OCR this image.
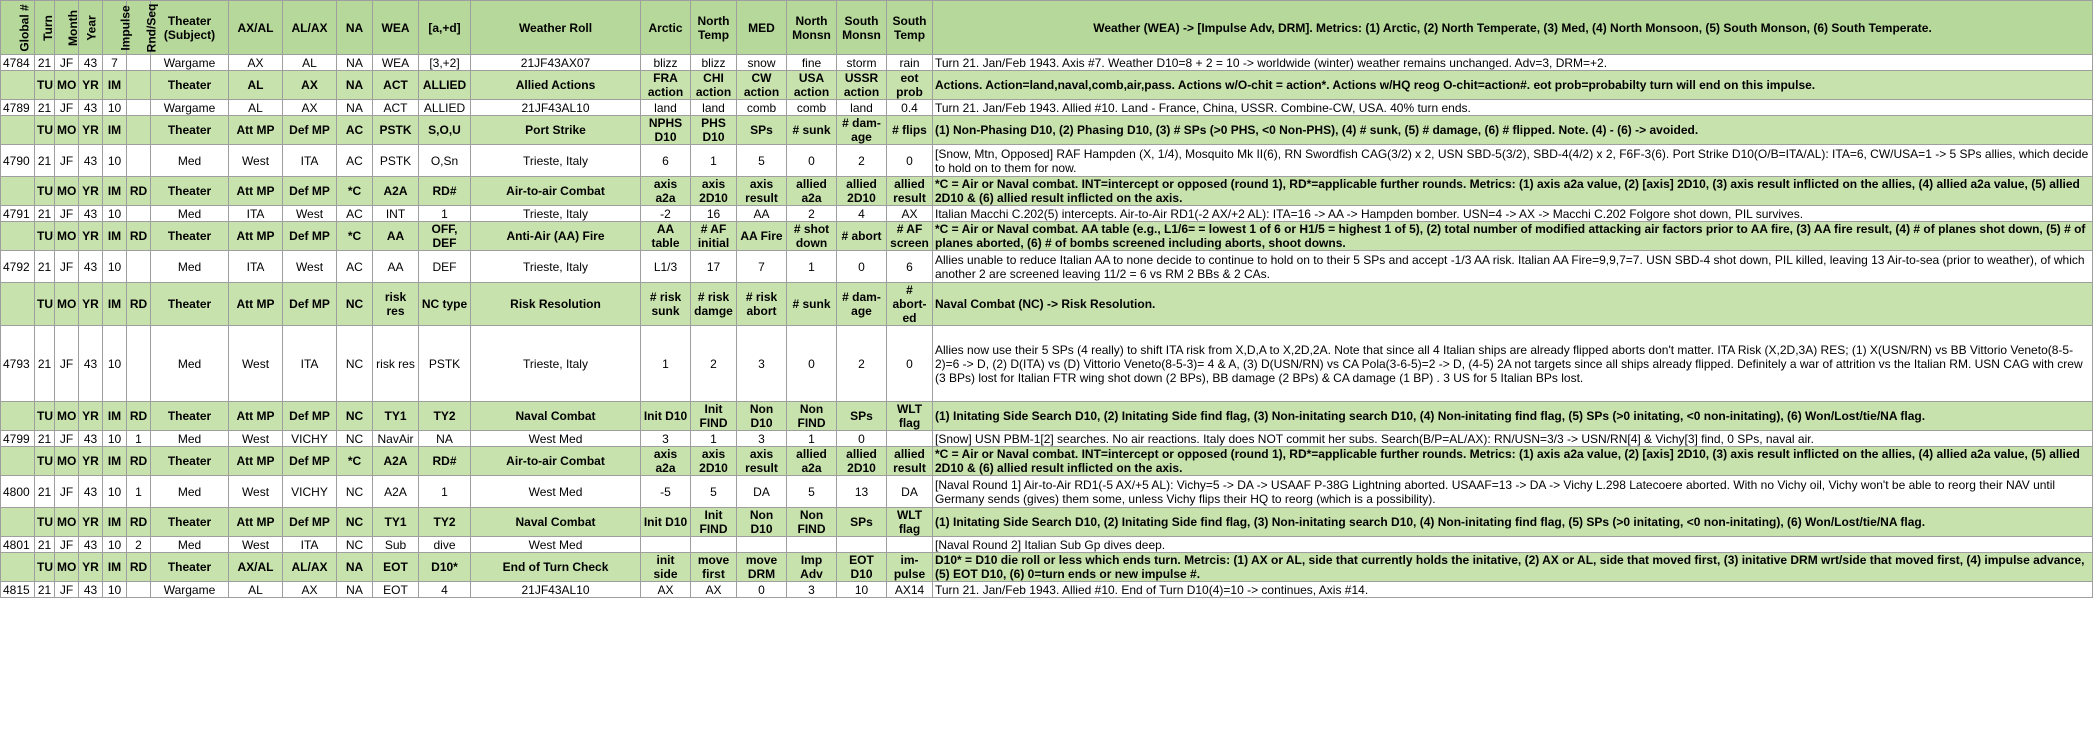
Global #	Turn	Month	Year	Impulse	Rnd/Seq	Theater (Subject)	AX/AL	AL/AX	NA	WEA	[a,+d]	Weather Roll	Arctic	North Temp	MED	North Monsn	South Monsn	South Temp	Weather (WEA) -> [Impulse Adv, DRM]. Metrics: (1) Arctic, (2) North Temperate, (3) Med, (4) North Monsoon, (5) South Monson, (6) South Temperate.
4784	21	JF	43	7		Wargame	AX	AL	NA	WEA	[3,+2]	21JF43AX07	blizz	blizz	snow	fine	storm	rain	Turn 21. Jan/Feb 1943. Axis #7. Weather D10=8 + 2 = 10 -> worldwide (winter) weather remains unchanged. Adv=3, DRM=+2.
	TU	MO	YR	IM		Theater	AL	AX	NA	ACT	ALLIED	Allied Actions	FRA action	CHI action	CW action	USA action	USSR action	eot prob	Actions. Action=land,naval,comb,air,pass. Actions w/O-chit = action*. Actions w/HQ reog O-chit=action#. eot prob=probabilty turn will end on this impulse.
4789	21	JF	43	10		Wargame	AL	AX	NA	ACT	ALLIED	21JF43AL10	land	land	comb	comb	land	0.4	Turn 21. Jan/Feb 1943. Allied #10. Land - France, China, USSR. Combine-CW, USA. 40% turn ends.
	TU	MO	YR	IM		Theater	Att MP	Def MP	AC	PSTK	S,O,U	Port Strike	NPHS D10	PHS D10	SPs	# sunk	# dam-age	# flips	(1) Non-Phasing D10, (2) Phasing D10, (3) # SPs (>0 PHS, <0 Non-PHS), (4) # sunk, (5) # damage, (6) # flipped. Note. (4) - (6) -> avoided.
4790	21	JF	43	10		Med	West	ITA	AC	PSTK	O,Sn	Trieste, Italy	6	1	5	0	2	0	[Snow, Mtn, Opposed] RAF Hampden (X, 1/4), Mosquito Mk II(6), RN Swordfish CAG(3/2) x 2, USN SBD-5(3/2), SBD-4(4/2) x 2, F6F-3(6). Port Strike D10(O/B=ITA/AL): ITA=6, CW/USA=1 -> 5 SPs allies, which decide to hold on to them for now.
	TU	MO	YR	IM	RD	Theater	Att MP	Def MP	*C	A2A	RD#	Air-to-air Combat	axis a2a	axis 2D10	axis result	allied a2a	allied 2D10	allied result	*C = Air or Naval combat. INT=intercept or opposed (round 1), RD*=applicable further rounds. Metrics: (1) axis a2a value, (2) [axis] 2D10, (3) axis result inflicted on the allies, (4) allied a2a value, (5) allied 2D10 & (6) allied result inflicted on the axis.
4791	21	JF	43	10		Med	ITA	West	AC	INT	1	Trieste, Italy	-2	16	AA	2	4	AX	Italian Macchi C.202(5) intercepts. Air-to-Air RD1(-2 AX/+2 AL): ITA=16 -> AA -> Hampden bomber. USN=4 -> AX -> Macchi C.202 Folgore shot down, PIL survives.
	TU	MO	YR	IM	RD	Theater	Att MP	Def MP	*C	AA	OFF, DEF	Anti-Air (AA) Fire	AA table	# AF initial	AA Fire	# shot down	# abort	# AF screen	*C = Air or Naval combat. AA table (e.g., L1/6= = lowest 1 of 6 or H1/5 = highest 1 of 5), (2) total number of modified attacking air factors prior to AA fire, (3) AA fire result, (4) # of planes shot down, (5) # of planes aborted, (6) # of bombs screened including aborts, shoot downs.
4792	21	JF	43	10		Med	ITA	West	AC	AA	DEF	Trieste, Italy	L1/3	17	7	1	0	6	Allies unable to reduce Italian AA to none decide to continue to hold on to their 5 SPs and accept -1/3 AA risk. Italian AA Fire=9,9,7=7. USN SBD-4 shot down, PIL killed, leaving 13 Air-to-sea (prior to weather), of which another 2 are screened leaving 11/2 = 6 vs RM 2 BBs & 2 CAs.
	TU	MO	YR	IM	RD	Theater	Att MP	Def MP	NC	risk res	NC type	Risk Resolution	# risk sunk	# risk damge	# risk abort	# sunk	# dam-age	# abort-ed	Naval Combat (NC) -> Risk Resolution.
4793	21	JF	43	10		Med	West	ITA	NC	risk res	PSTK	Trieste, Italy	1	2	3	0	2	0	Allies now use their 5 SPs (4 really) to shift ITA risk from X,D,A to X,2D,2A. Note that since all 4 Italian ships are already flipped aborts don't matter. ITA Risk (X,2D,3A) RES; (1) X(USN/RN) vs BB Vittorio Veneto(8-5-2)=6 -> D, (2) D(ITA) vs (D) Vittorio Veneto(8-5-3)= 4 & A, (3) D(USN/RN) vs CA Pola(3-6-5)=2 -> D, (4-5) 2A not targets since all ships already flipped. Definitely a war of attrition vs the Italian RM. USN CAG with crew (3 BPs) lost for Italian FTR wing shot down (2 BPs), BB damage (2 BPs) & CA damage (1 BP) . 3 US for 5 Italian BPs lost.
	TU	MO	YR	IM	RD	Theater	Att MP	Def MP	NC	TY1	TY2	Naval Combat	Init D10	Init FIND	Non D10	Non FIND	SPs	WLT flag	(1) Initating Side Search D10, (2) Initating Side find flag, (3) Non-initating search D10, (4) Non-initating find flag, (5) SPs (>0 initating, <0 non-initating), (6) Won/Lost/tie/NA flag.
4799	21	JF	43	10	1	Med	West	VICHY	NC	NavAir	NA	West Med	3	1	3	1	0		[Snow] USN PBM-1[2] searches. No air reactions. Italy does NOT commit her subs. Search(B/P=AL/AX): RN/USN=3/3 -> USN/RN[4] & Vichy[3] find, 0 SPs, naval air.
	TU	MO	YR	IM	RD	Theater	Att MP	Def MP	*C	A2A	RD#	Air-to-air Combat	axis a2a	axis 2D10	axis result	allied a2a	allied 2D10	allied result	*C = Air or Naval combat. INT=intercept or opposed (round 1), RD*=applicable further rounds. Metrics: (1) axis a2a value, (2) [axis] 2D10, (3) axis result inflicted on the allies, (4) allied a2a value, (5) allied 2D10 & (6) allied result inflicted on the axis.
4800	21	JF	43	10	1	Med	West	VICHY	NC	A2A	1	West Med	-5	5	DA	5	13	DA	[Naval Round 1] Air-to-Air RD1(-5 AX/+5 AL): Vichy=5 -> DA -> USAAF P-38G Lightning aborted. USAAF=13 -> DA -> Vichy L.298 Latecoere aborted. With no Vichy oil, Vichy won't be able to reorg their NAV until Germany sends (gives) them some, unless Vichy flips their HQ to reorg (which is a possibility).
	TU	MO	YR	IM	RD	Theater	Att MP	Def MP	NC	TY1	TY2	Naval Combat	Init D10	Init FIND	Non D10	Non FIND	SPs	WLT flag	(1) Initating Side Search D10, (2) Initating Side find flag, (3) Non-initating search D10, (4) Non-initating find flag, (5) SPs (>0 initating, <0 non-initating), (6) Won/Lost/tie/NA flag.
4801	21	JF	43	10	2	Med	West	ITA	NC	Sub	dive	West Med							[Naval Round 2] Italian Sub Gp dives deep.
	TU	MO	YR	IM	RD	Theater	AX/AL	AL/AX	NA	EOT	D10*	End of Turn Check	init side	move first	move DRM	Imp Adv	EOT D10	im-pulse	D10* = D10 die roll or less which ends turn. Metrcis: (1) AX or AL, side that currently holds the initative, (2) AX or AL, side that moved first, (3) initative DRM wrt/side that moved first, (4) impulse advance, (5) EOT D10, (6) 0=turn ends or new impulse #.
4815	21	JF	43	10		Wargame	AL	AX	NA	EOT	4	21JF43AL10	AX	AX	0	3	10	AX14	Turn 21. Jan/Feb 1943. Allied #10. End of Turn D10(4)=10 -> continues, Axis #14.
